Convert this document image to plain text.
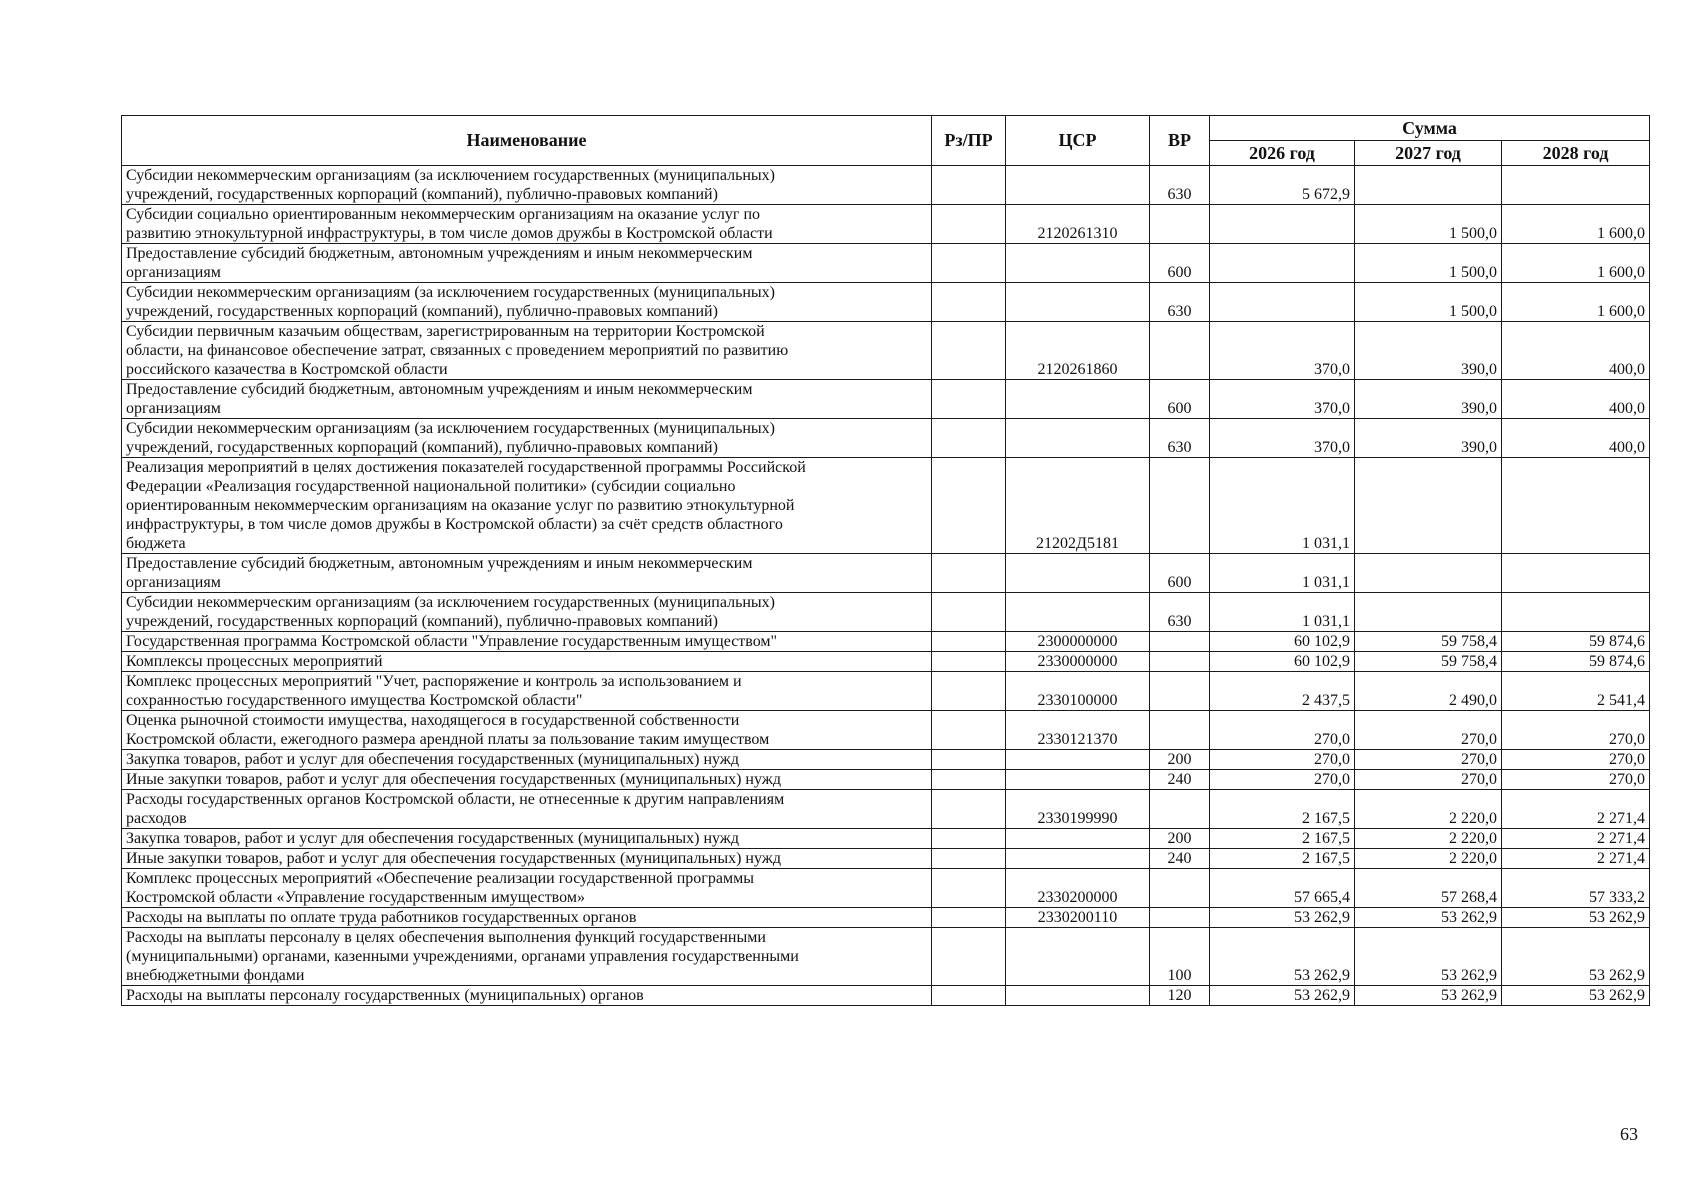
Наименование	Рз/ПР	ЦСР	ВР	Сумма		
				2026 год	2027 год	2028 год

Субсидии некоммерческим организациям (за исключением государственных (муниципальных)
учреждений, государственных корпораций (компаний), публично-правовых компаний)			630	5 672,9		

Субсидии социально ориентированным некоммерческим организациям на оказание услуг по
развитию этнокультурной инфраструктуры, в том числе домов дружбы в Костромской области		2120261310			1 500,0	1 600,0

Предоставление субсидий бюджетным, автономным учреждениям и иным некоммерческим
организациям			600		1 500,0	1 600,0

Субсидии некоммерческим организациям (за исключением государственных (муниципальных)
учреждений, государственных корпораций (компаний), публично-правовых компаний)			630		1 500,0	1 600,0

Субсидии первичным казачьим обществам, зарегистрированным на территории Костромской
области, на финансовое обеспечение затрат, связанных с проведением мероприятий по развитию
российского казачества в Костромской области		2120261860		370,0	390,0	400,0

Предоставление субсидий бюджетным, автономным учреждениям и иным некоммерческим
организациям			600	370,0	390,0	400,0

Субсидии некоммерческим организациям (за исключением государственных (муниципальных)
учреждений, государственных корпораций (компаний), публично-правовых компаний)			630	370,0	390,0	400,0

Реализация мероприятий в целях достижения показателей государственной программы Российской
Федерации «Реализация государственной национальной политики» (субсидии социально
ориентированным некоммерческим организациям на оказание услуг по развитию этнокультурной
инфраструктуры, в том числе домов дружбы в Костромской области) за счёт средств областного
бюджета		21202Д5181		1 031,1		

Предоставление субсидий бюджетным, автономным учреждениям и иным некоммерческим
организациям			600	1 031,1		

Субсидии некоммерческим организациям (за исключением государственных (муниципальных)
учреждений, государственных корпораций (компаний), публично-правовых компаний)			630	1 031,1		

Государственная программа Костромской области "Управление государственным имуществом"		2300000000		60 102,9	59 758,4	59 874,6

Комплексы процессных мероприятий		2330000000		60 102,9	59 758,4	59 874,6

Комплекс процессных мероприятий "Учет, распоряжение и контроль за использованием и
сохранностью государственного имущества Костромской области"		2330100000		2 437,5	2 490,0	2 541,4

Оценка рыночной стоимости имущества, находящегося в государственной собственности
Костромской области, ежегодного размера арендной платы за пользование таким имуществом		2330121370		270,0	270,0	270,0

Закупка товаров, работ и услуг для обеспечения государственных (муниципальных) нужд			200	270,0	270,0	270,0

Иные закупки товаров, работ и услуг для обеспечения государственных (муниципальных) нужд			240	270,0	270,0	270,0

Расходы государственных органов Костромской области, не отнесенные к другим направлениям
расходов		2330199990		2 167,5	2 220,0	2 271,4

Закупка товаров, работ и услуг для обеспечения государственных (муниципальных) нужд			200	2 167,5	2 220,0	2 271,4

Иные закупки товаров, работ и услуг для обеспечения государственных (муниципальных) нужд			240	2 167,5	2 220,0	2 271,4

Комплекс процессных мероприятий «Обеспечение реализации государственной программы
Костромской области «Управление государственным имуществом»		2330200000		57 665,4	57 268,4	57 333,2

Расходы на выплаты по оплате труда работников государственных органов		2330200110		53 262,9	53 262,9	53 262,9

Расходы на выплаты персоналу в целях обеспечения выполнения функций государственными
(муниципальными) органами, казенными учреждениями, органами управления государственными
внебюджетными фондами			100	53 262,9	53 262,9	53 262,9

Расходы на выплаты персоналу государственных (муниципальных) органов			120	53 262,9	53 262,9	53 262,9
63
